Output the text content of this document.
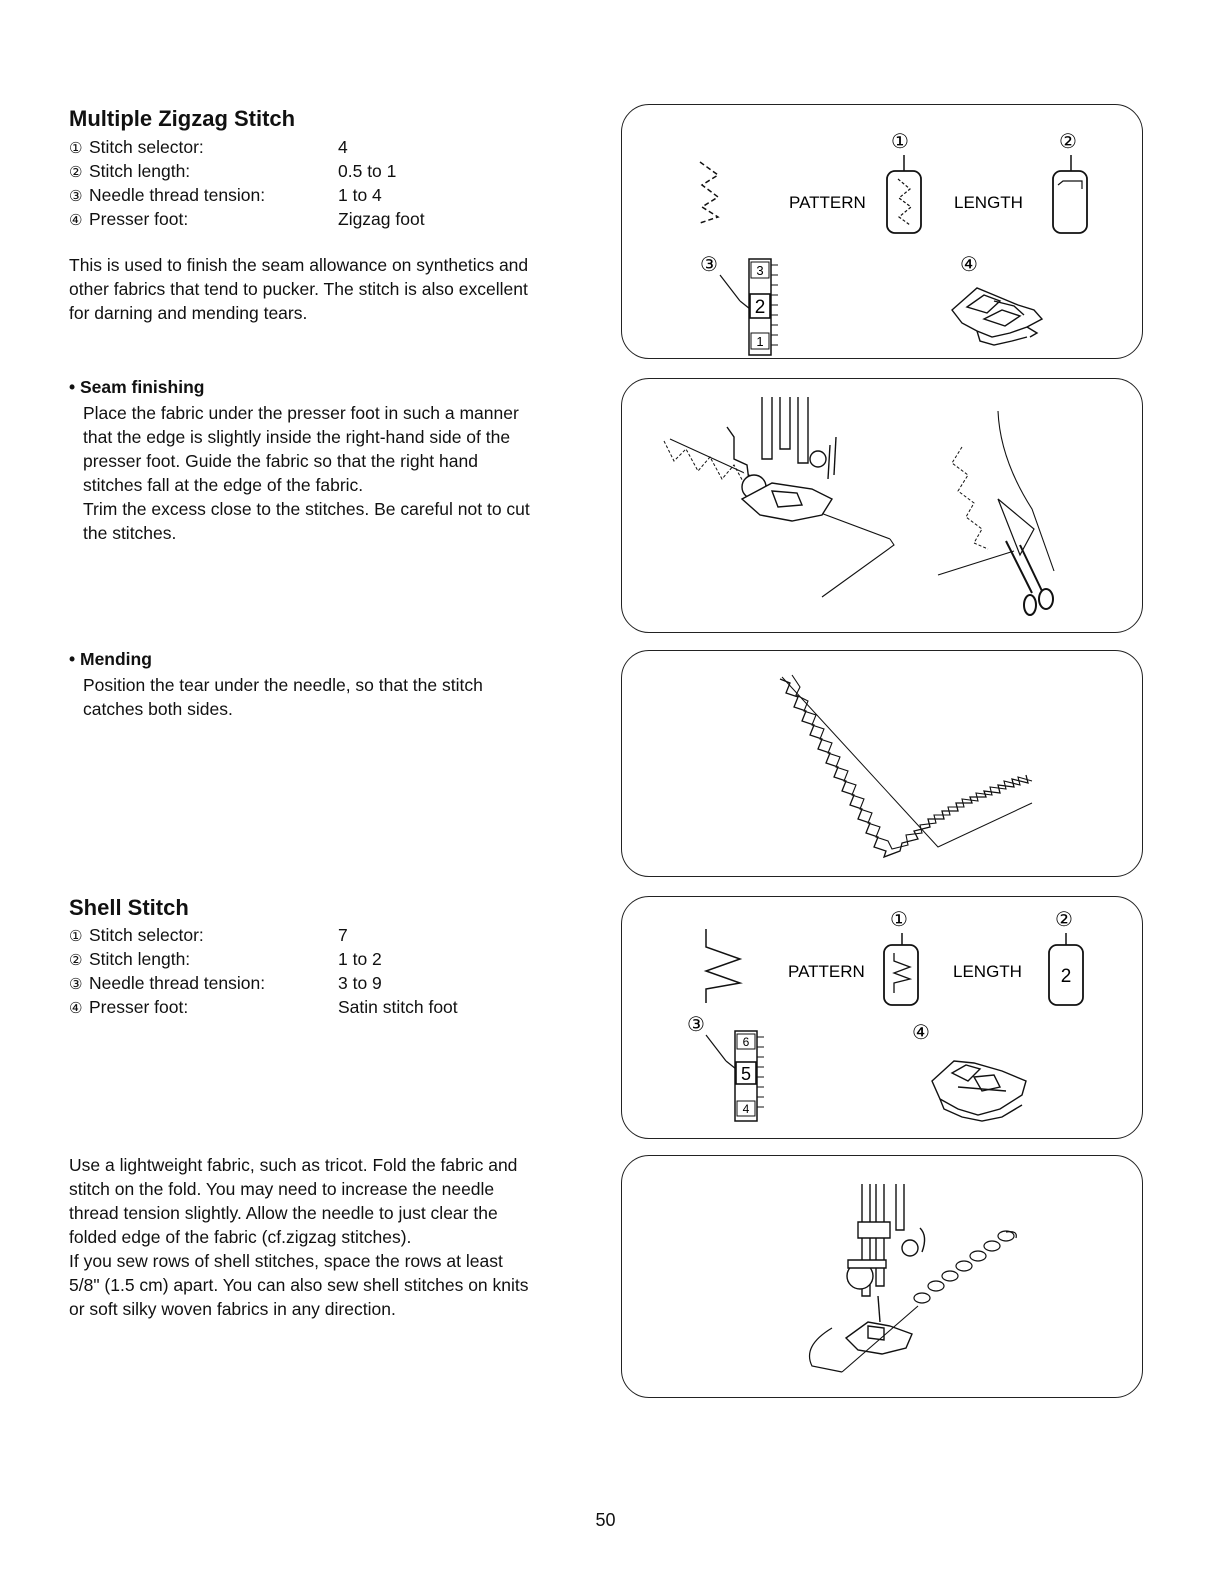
Multiple Zigzag Stitch
① Stitch selector:	4
② Stitch length:	0.5 to 1
③ Needle thread tension:	1 to 4
④ Presser foot:	Zigzag foot

This is used to finish the seam allowance on synthetics and
other fabrics that tend to pucker. The stitch is also excellent
for darning and mending tears.

• Seam finishing

Place the fabric under the presser foot in such a manner
that the edge is slightly inside the right-hand side of the
presser foot. Guide the fabric so that the right hand
stitches fall at the edge of the fabric.
Trim the excess close to the stitches. Be careful not to cut
the stitches.

• Mending

Position the tear under the needle, so that the stitch
catches both sides.

Shell Stitch
① Stitch selector:	7
② Stitch length:	1 to 2
③ Needle thread tension:	3 to 9
④ Presser foot:	Satin stitch foot

Use a lightweight fabric, such as tricot. Fold the fabric and
stitch on the fold. You may need to increase the needle
thread tension slightly. Allow the needle to just clear the
folded edge of the fabric (cf.zigzag stitches).
If you sew rows of shell stitches, space the rows at least
5/8" (1.5 cm) apart. You can also sew shell stitches on knits
or soft silky woven fabrics in any direction.

①	②
③	④
PATTERN	LENGTH
3
2
1
①	②
③	④
PATTERN	LENGTH 2
6
5
4
50
